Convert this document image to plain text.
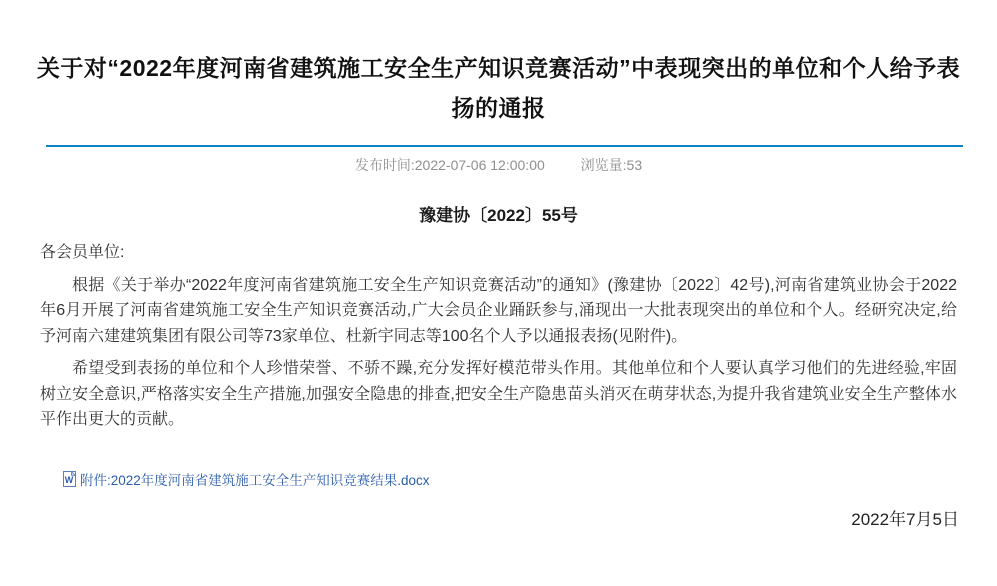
关于对“2022年度河南省建筑施工安全生产知识竞赛活动”中表现突出的单位和个人给予表扬的通报
发布时间:2022-07-06 12:00:00	浏览量:53
豫建协〔2022〕55号

各会员单位:

根据《关于举办“2022年度河南省建筑施工安全生产知识竞赛活动”的通知》(豫建协〔2022〕42号),河南省建筑业协会于2022年6月开展了河南省建筑施工安全生产知识竞赛活动,广大会员企业踊跃参与,涌现出一大批表现突出的单位和个人。经研究决定,给予河南六建建筑集团有限公司等73家单位、杜新宇同志等100名个人予以通报表扬(见附件)。

希望受到表扬的单位和个人珍惜荣誉、不骄不躁,充分发挥好模范带头作用。其他单位和个人要认真学习他们的先进经验,牢固树立安全意识,严格落实安全生产措施,加强安全隐患的排查,把安全生产隐患苗头消灭在萌芽状态,为提升我省建筑业安全生产整体水平作出更大的贡献。

W 附件:2022年度河南省建筑施工安全生产知识竞赛结果.docx
2022年7月5日
